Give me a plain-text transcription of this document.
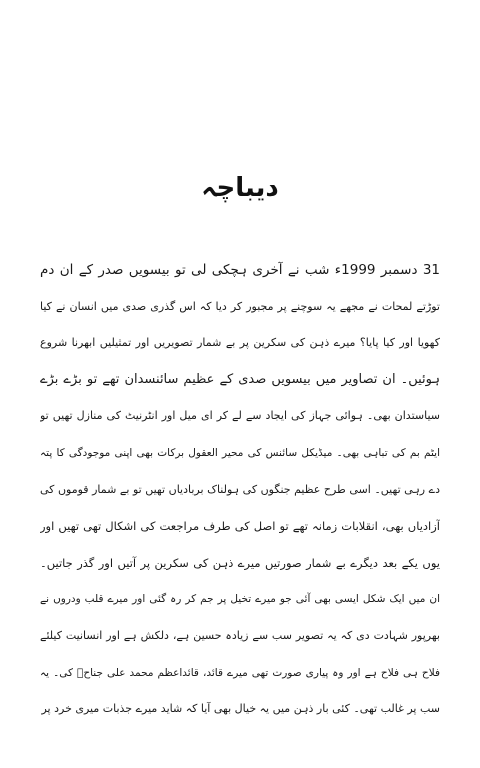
دیباچہ
31 دسمبر 1999ء شب نے آخری ہچکی لی تو بیسویں صدر کے ان دم
توڑتے لمحات نے مجھے یہ سوچنے پر مجبور کر دیا کہ اس گذری صدی میں انسان نے کیا
کھویا اور کیا پایا؟ میرے ذہن کی سکرین پر بے شمار تصویریں اور تمثیلیں ابھرنا شروع
ہوئیں۔ ان تصاویر میں بیسویں صدی کے عظیم سائنسدان تھے تو بڑے بڑے
سیاستدان بھی۔ ہوائی جہاز کی ایجاد سے لے کر ای میل اور انٹرنیٹ کی منازل تھیں تو
ایٹم بم کی تباہی بھی۔ میڈیکل سائنس کی محیر العقول برکات بھی اپنی موجودگی کا پتہ
دے رہی تھیں۔ اسی طرح عظیم جنگوں کی ہولناک بربادیاں تھیں تو بے شمار قوموں کی
آزادیاں بھی، انقلابات زمانہ تھے تو اصل کی طرف مراجعت کی اشکال تھی تھیں اور
یوں یکے بعد دیگرے بے شمار صورتیں میرے ذہن کی سکرین پر آتیں اور گذر جاتیں۔
ان میں ایک شکل ایسی بھی آئی جو میرے تخیل پر جم کر رہ گئی اور میرے قلب ودروں نے
بھرپور شہادت دی کہ یہ تصویر سب سے زیادہ حسین ہے، دلکش ہے اور انسانیت کیلئے
فلاح ہی فلاح ہے اور وہ پیاری صورت تھی میرے قائد، قائداعظم محمد علی جناحؒ کی۔ یہ
سب پر غالب تھی۔ کئی بار ذہن میں یہ خیال بھی آیا کہ شاید میرے جذبات میری خرد پر
